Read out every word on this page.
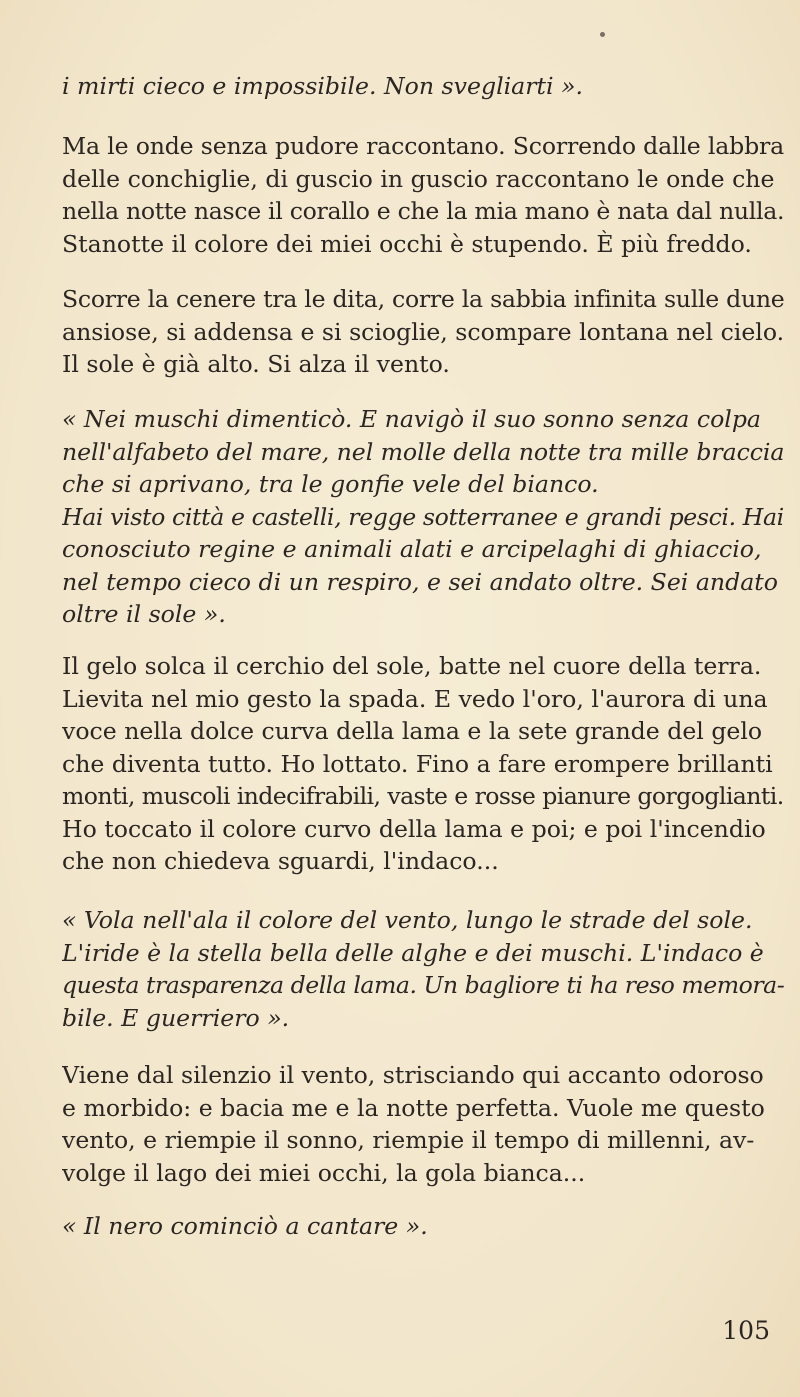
i mirti cieco e impossibile. Non svegliarti ».
Ma le onde senza pudore raccontano. Scorrendo dalle labbra
delle conchiglie, di guscio in guscio raccontano le onde che
nella notte nasce il corallo e che la mia mano è nata dal nulla.
Stanotte il colore dei miei occhi è stupendo. È più freddo.
Scorre la cenere tra le dita, corre la sabbia infinita sulle dune
ansiose, si addensa e si scioglie, scompare lontana nel cielo.
Il sole è già alto. Si alza il vento.
« Nei muschi dimenticò. E navigò il suo sonno senza colpa
nell'alfabeto del mare, nel molle della notte tra mille braccia
che si aprivano, tra le gonfie vele del bianco.
Hai visto città e castelli, regge sotterranee e grandi pesci. Hai
conosciuto regine e animali alati e arcipelaghi di ghiaccio,
nel tempo cieco di un respiro, e sei andato oltre. Sei andato
oltre il sole ».
Il gelo solca il cerchio del sole, batte nel cuore della terra.
Lievita nel mio gesto la spada. E vedo l'oro, l'aurora di una
voce nella dolce curva della lama e la sete grande del gelo
che diventa tutto. Ho lottato. Fino a fare erompere brillanti
monti, muscoli indecifrabili, vaste e rosse pianure gorgoglianti.
Ho toccato il colore curvo della lama e poi; e poi l'incendio
che non chiedeva sguardi, l'indaco...
« Vola nell'ala il colore del vento, lungo le strade del sole.
L'iride è la stella bella delle alghe e dei muschi. L'indaco è
questa trasparenza della lama. Un bagliore ti ha reso memora-
bile. E guerriero ».
Viene dal silenzio il vento, strisciando qui accanto odoroso
e morbido: e bacia me e la notte perfetta. Vuole me questo
vento, e riempie il sonno, riempie il tempo di millenni, av-
volge il lago dei miei occhi, la gola bianca...
« Il nero cominciò a cantare ».
105
